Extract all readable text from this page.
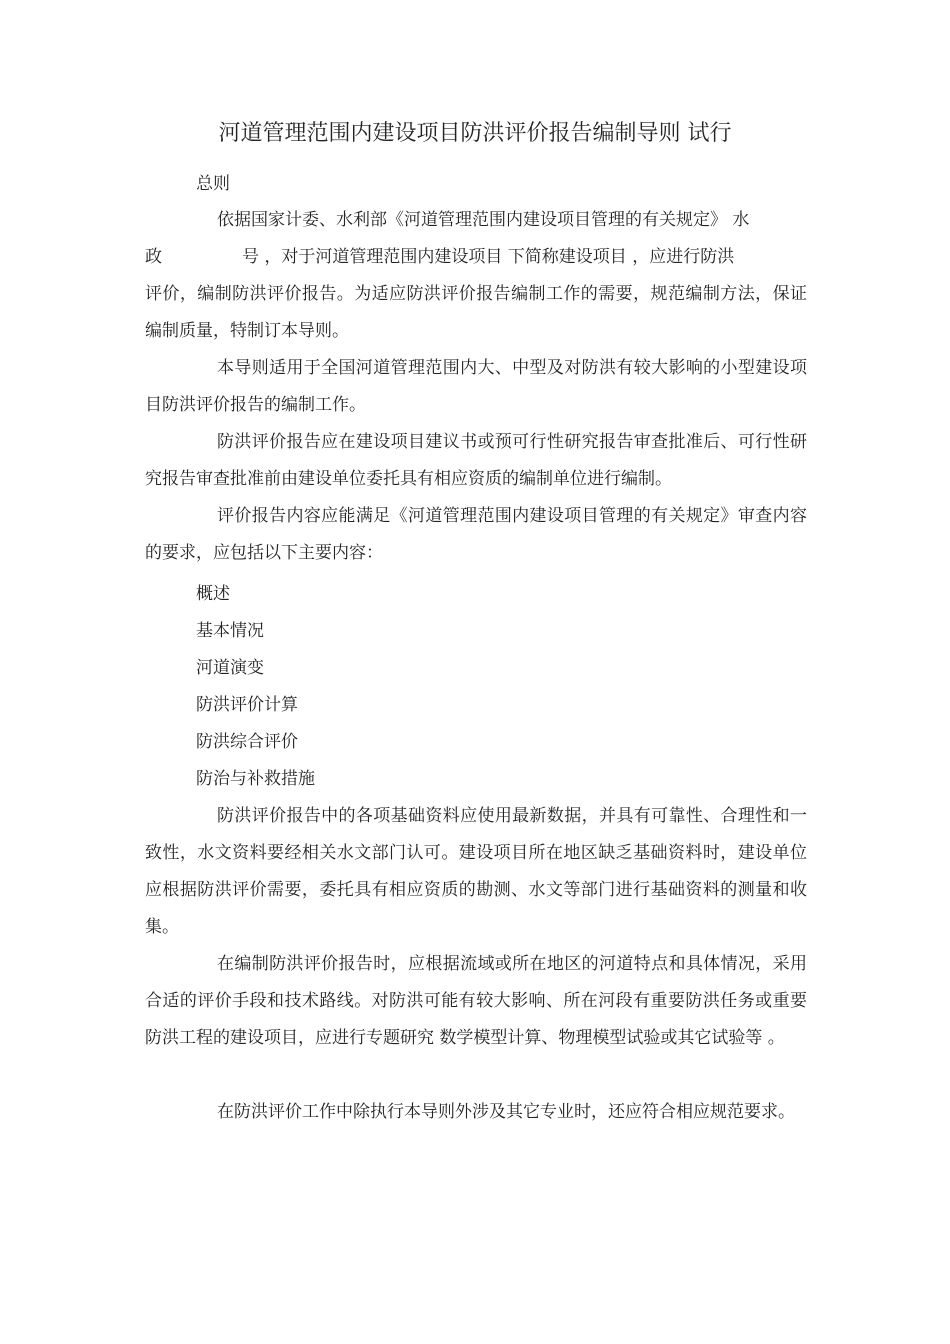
河道管理范围内建设项目防洪评价报告编制导则 试行

总则

依据国家计委、水利部《河道管理范围内建设项目管理的有关规定》 水

政	号 ，对于河道管理范围内建设项目 下简称建设项目 ，应进行防洪

评价，编制防洪评价报告。为适应防洪评价报告编制工作的需要，规范编制方法，保证编制质量，特制订本导则。

本导则适用于全国河道管理范围内大、中型及对防洪有较大影响的小型建设项目防洪评价报告的编制工作。

防洪评价报告应在建设项目建议书或预可行性研究报告审查批准后、可行性研究报告审查批准前由建设单位委托具有相应资质的编制单位进行编制。

评价报告内容应能满足《河道管理范围内建设项目管理的有关规定》审查内容的要求，应包括以下主要内容：

概述

基本情况

河道演变

防洪评价计算

防洪综合评价

防治与补救措施

防洪评价报告中的各项基础资料应使用最新数据，并具有可靠性、合理性和一致性，水文资料要经相关水文部门认可。建设项目所在地区缺乏基础资料时，建设单位应根据防洪评价需要，委托具有相应资质的勘测、水文等部门进行基础资料的测量和收集。

在编制防洪评价报告时，应根据流域或所在地区的河道特点和具体情况，采用合适的评价手段和技术路线。对防洪可能有较大影响、所在河段有重要防洪任务或重要防洪工程的建设项目，应进行专题研究 数学模型计算、物理模型试验或其它试验等 。

在防洪评价工作中除执行本导则外涉及其它专业时，还应符合相应规范要求。
